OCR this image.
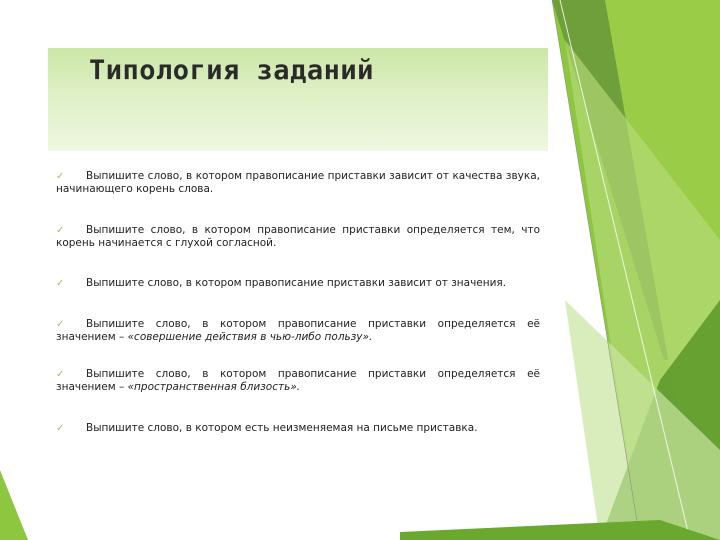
Типология заданий
✓ Выпишите слово, в котором правописание приставки зависит от качества звука, начинающего корень слова.
✓ Выпишите слово, в котором правописание приставки определяется тем, что корень начинается с глухой согласной.
✓ Выпишите слово, в котором правописание приставки зависит от значения.
✓ Выпишите слово, в котором правописание приставки определяется её значением – «совершение действия в чью-либо пользу».
✓ Выпишите слово, в котором правописание приставки определяется её значением – «пространственная близость».
✓ Выпишите слово, в котором есть неизменяемая на письме приставка.
